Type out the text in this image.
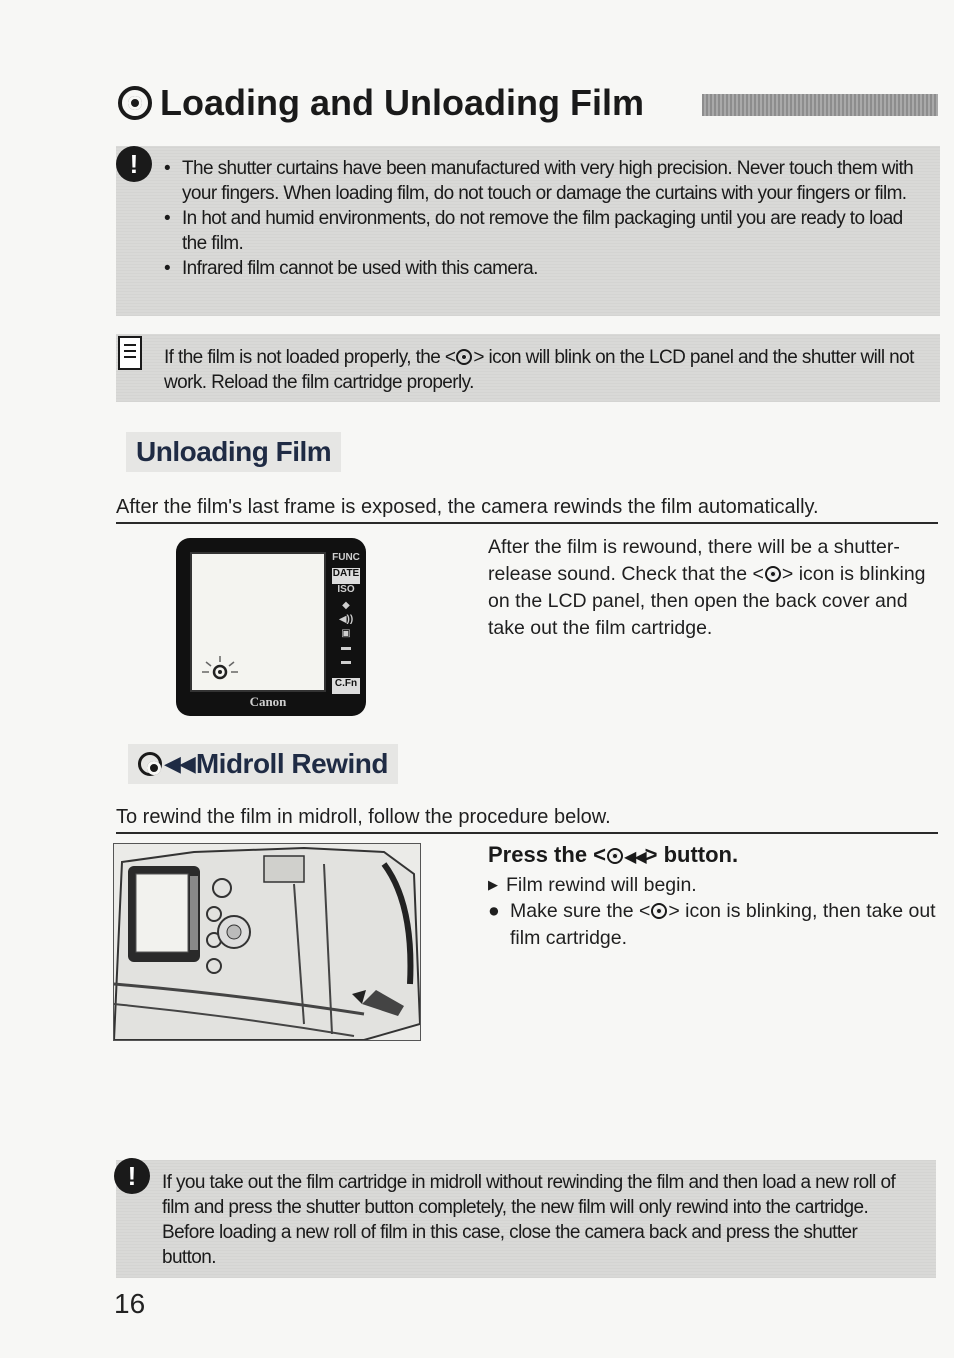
Loading and Unloading Film
!
•	The shutter curtains have been manufactured with very high precision. Never touch them with your fingers. When loading film, do not touch or damage the curtains with your fingers or film.
• In hot and humid environments, do not remove the film packaging until you are ready to load the film.
• Infrared film cannot be used with this camera.
If the film is not loaded properly, the < > icon will blink on the LCD panel and the shutter will not work. Reload the film cartridge properly.
Unloading Film
After the film's last frame is exposed, the camera rewinds the film automatically.
FUNC
DATE
ISO
◆
◀))
▣
▬
▬
C.Fn
Canon
After the film is rewound, there will be a shutter-release sound. Check that the < > icon is blinking on the LCD panel, then open the back cover and take out the film cartridge.
◀◀ Midroll Rewind
To rewind the film in midroll, follow the procedure below.
Press the < ◀◀> button.
▶ Film rewind will begin.
● Make sure the < > icon is blinking, then take out film cartridge.
!	If you take out the film cartridge in midroll without rewinding the film and then load a new roll of film and press the shutter button completely, the new film will only rewind into the cartridge. Before loading a new roll of film in this case, close the camera back and press the shutter button.
16
